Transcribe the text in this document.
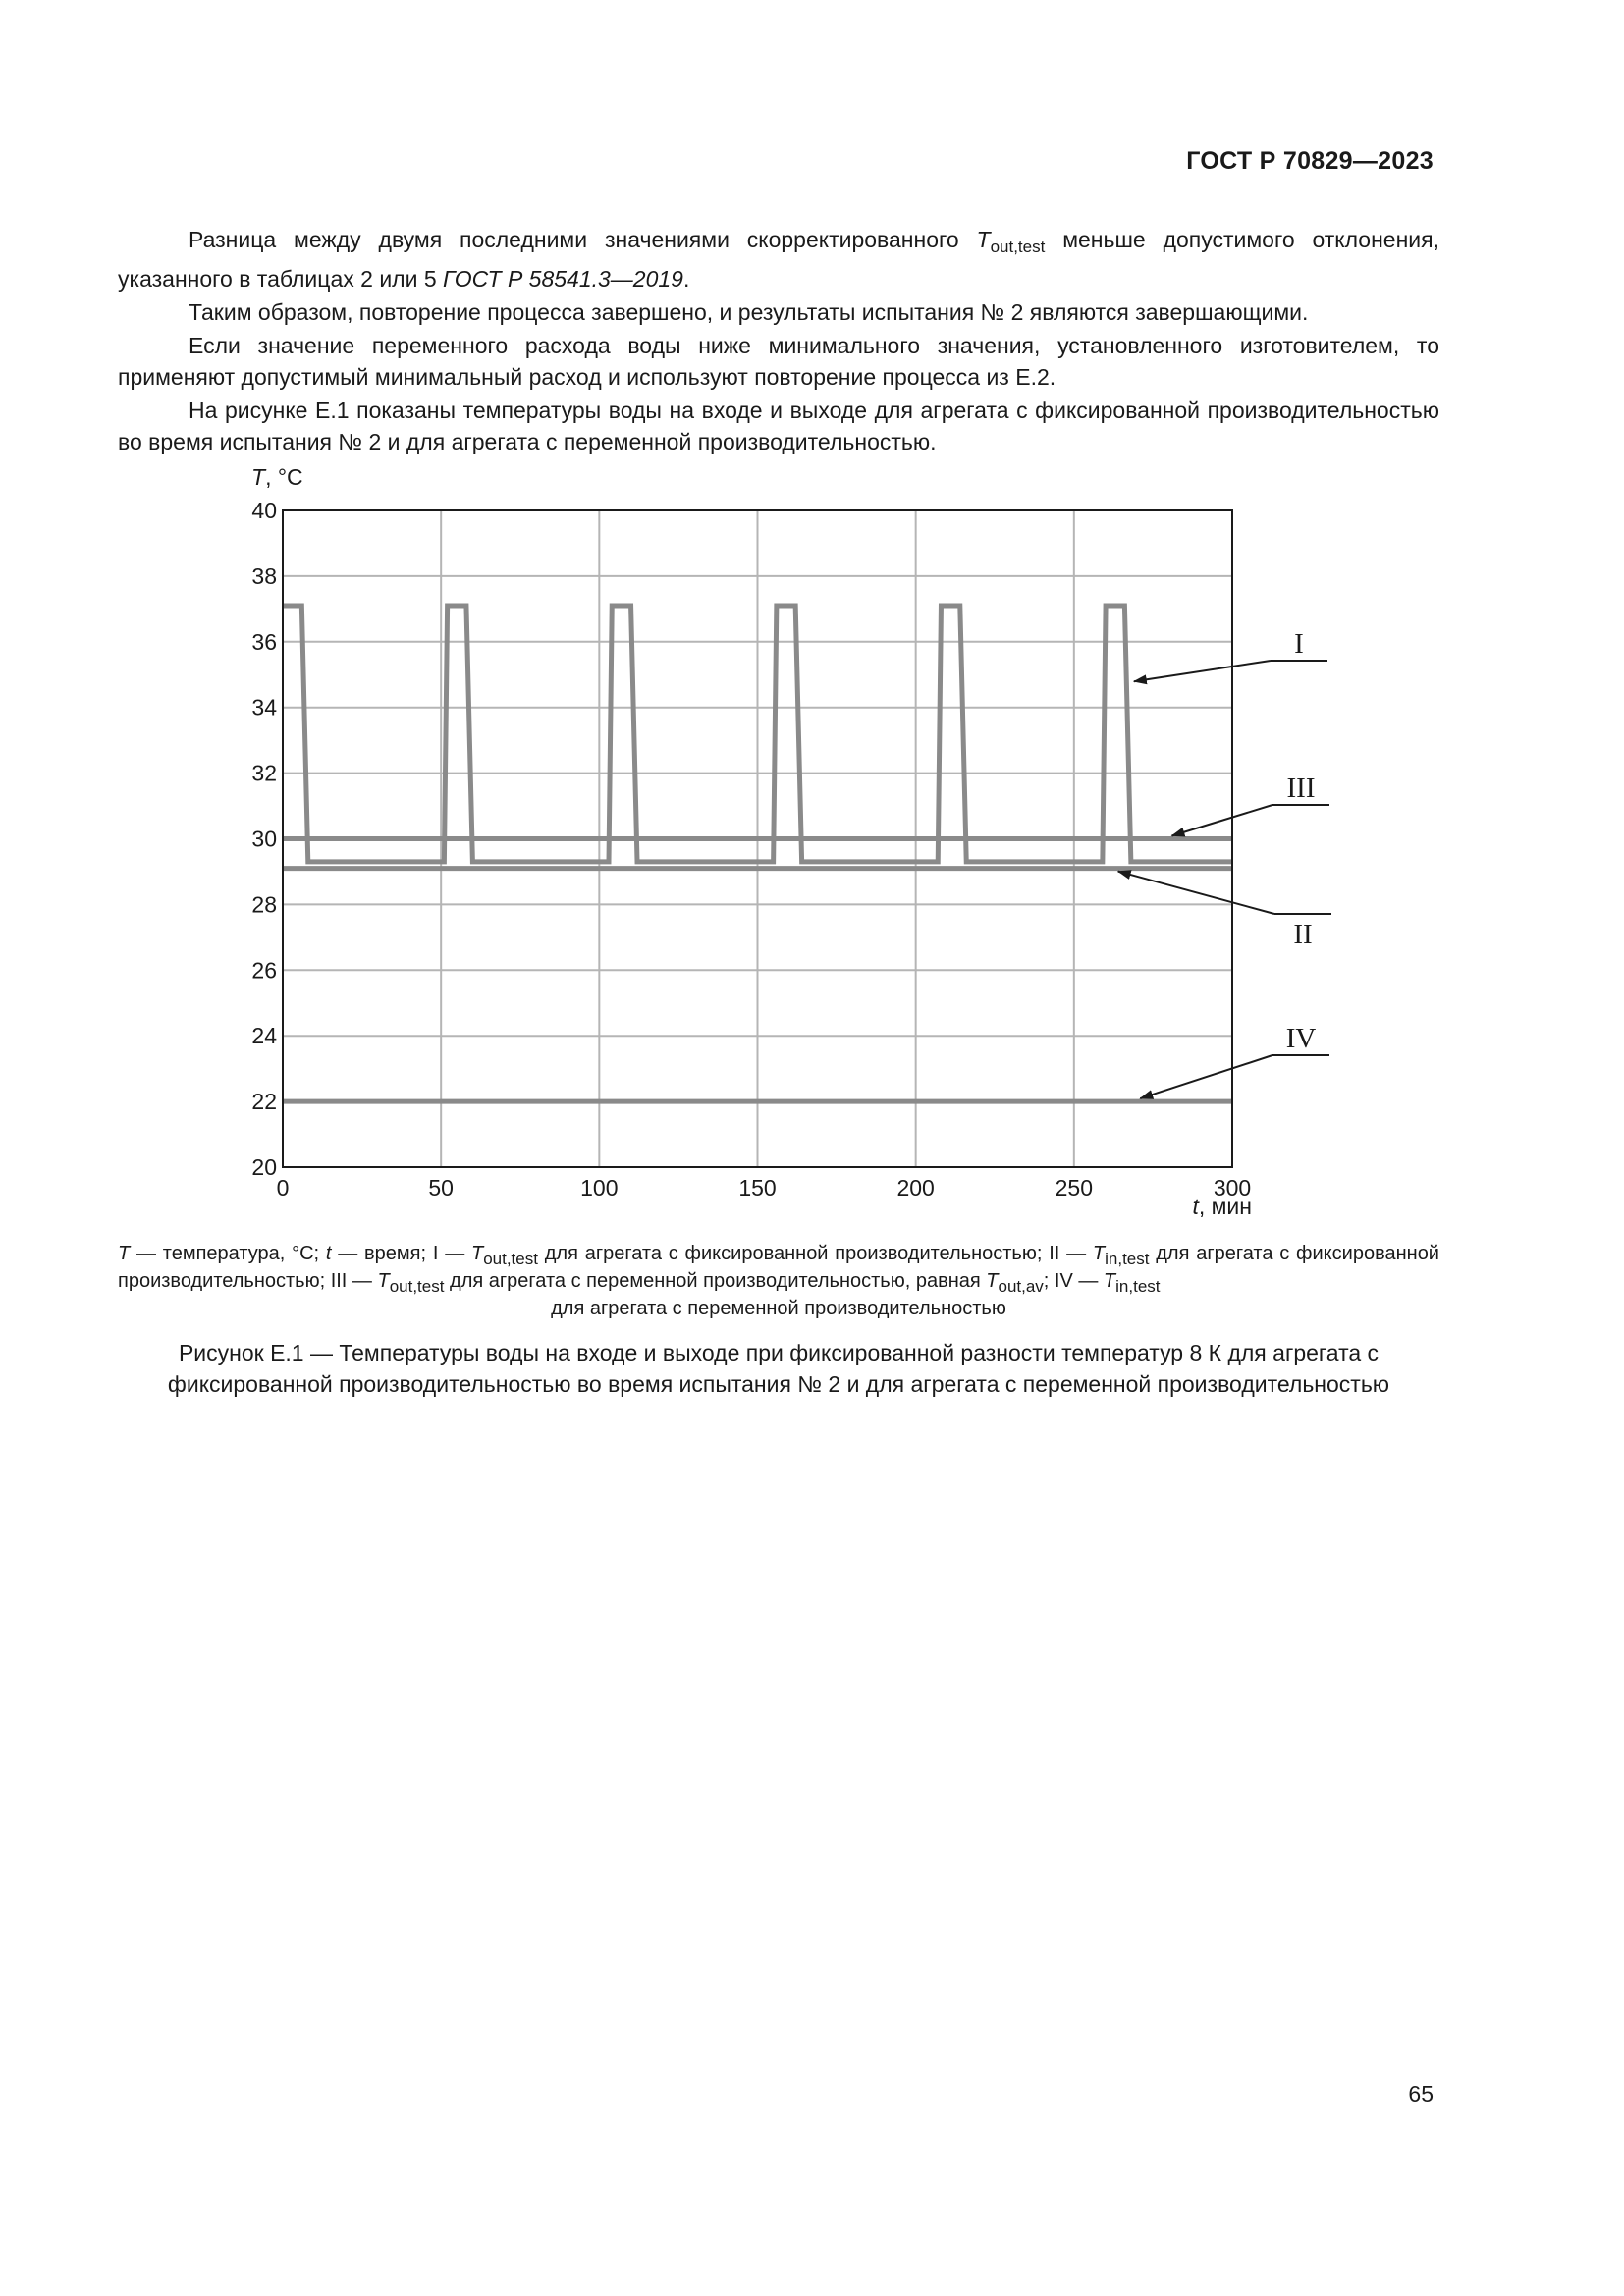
ГОСТ Р 70829—2023

Разница между двумя последними значениями скорректированного $T_{out,test}$ меньше допустимого отклонения, указанного в таблицах 2 или 5 ГОСТ Р 58541.3—2019.

Таким образом, повторение процесса завершено, и результаты испытания № 2 являются завершающими.

Если значение переменного расхода воды ниже минимального значения, установленного изготовителем, то применяют допустимый минимальный расход и используют повторение процесса из Е.2.

На рисунке Е.1 показаны температуры воды на входе и выходе для агрегата с фиксированной производительностью во время испытания № 2 и для агрегата с переменной производительностью.

20
22
24
26
28
30
32
34
36
38
40
0	50	100	150	200	250	300
I
III
II
IV
T, °C
t, мин
T — температура, °С; t — время; I — $T_{out,test}$ для агрегата с фиксированной производительностью; II — $T_{in,test}$ для агрегата с фиксированной производительностью; III — $T_{out,test}$ для агрегата с переменной производительностью, равная $T_{out,av}$; IV — $T_{in,test}$
для агрегата с переменной производительностью
Рисунок Е.1 — Температуры воды на входе и выходе при фиксированной разности температур 8 К для агрегата с фиксированной производительностью во время испытания № 2 и для агрегата с переменной производительностью
65
